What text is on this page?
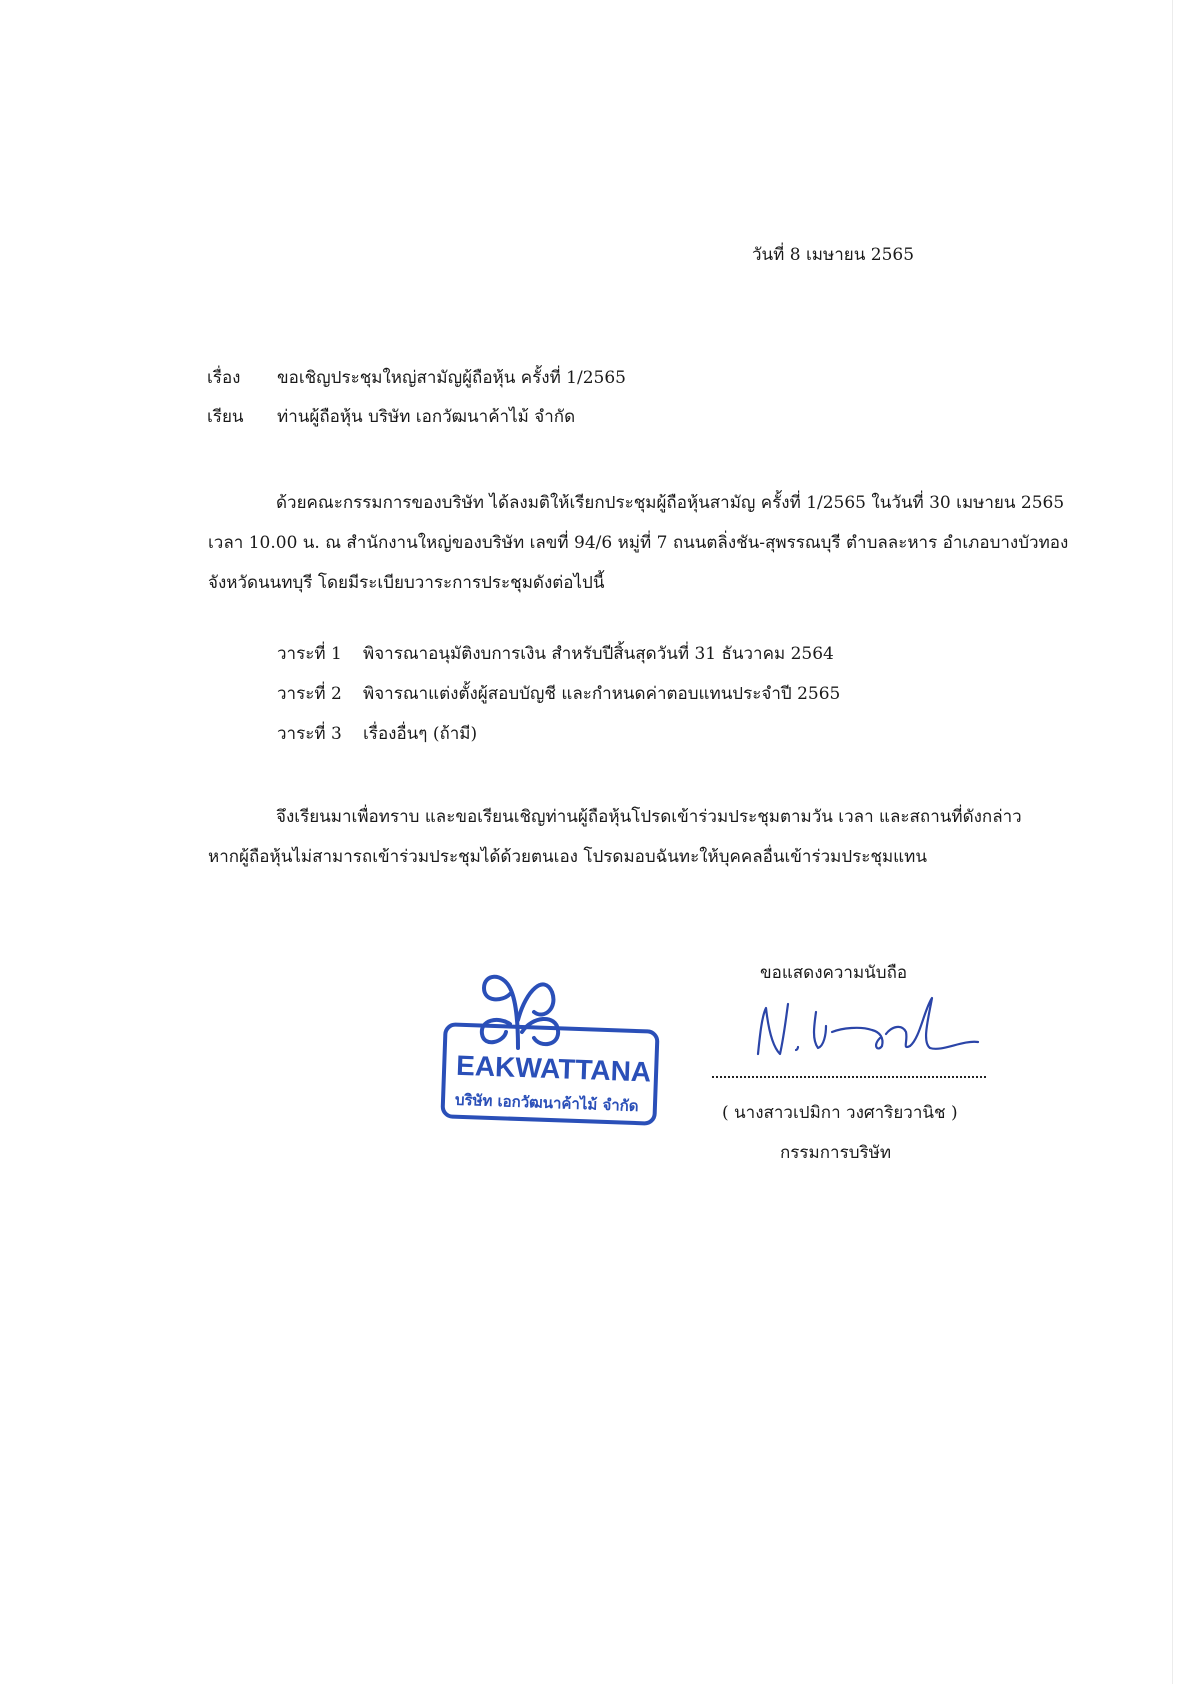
วันที่ 8 เมษายน 2565
เรื่อง ขอเชิญประชุมใหญ่สามัญผู้ถือหุ้น ครั้งที่ 1/2565
เรียน ท่านผู้ถือหุ้น บริษัท เอกวัฒนาค้าไม้ จำกัด

ด้วยคณะกรรมการของบริษัท ได้ลงมติให้เรียกประชุมผู้ถือหุ้นสามัญ ครั้งที่ 1/2565 ในวันที่ 30 เมษายน 2565

เวลา 10.00 น. ณ สำนักงานใหญ่ของบริษัท เลขที่ 94/6 หมู่ที่ 7 ถนนตลิ่งชัน-สุพรรณบุรี ตำบลละหาร อำเภอบางบัวทอง

จังหวัดนนทบุรี โดยมีระเบียบวาระการประชุมดังต่อไปนี้

วาระที่ 1 พิจารณาอนุมัติงบการเงิน สำหรับปีสิ้นสุดวันที่ 31 ธันวาคม 2564
วาระที่ 2 พิจารณาแต่งตั้งผู้สอบบัญชี และกำหนดค่าตอบแทนประจำปี 2565
วาระที่ 3 เรื่องอื่นๆ (ถ้ามี)

จึงเรียนมาเพื่อทราบ และขอเรียนเชิญท่านผู้ถือหุ้นโปรดเข้าร่วมประชุมตามวัน เวลา และสถานที่ดังกล่าว

หากผู้ถือหุ้นไม่สามารถเข้าร่วมประชุมได้ด้วยตนเอง โปรดมอบฉันทะให้บุคคลอื่นเข้าร่วมประชุมแทน

EAKWATTANA
บริษัท เอกวัฒนาค้าไม้ จำกัด
ขอแสดงความนับถือ
( นางสาวเปมิกา วงศาริยวานิช )
กรรมการบริษัท
